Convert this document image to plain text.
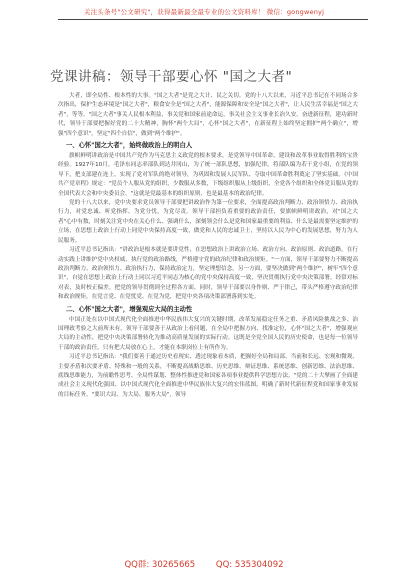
关注头条号"公文研究"，获得最新最全最专业的公文资料库！ 微信：gongwenyj
党课讲稿：领导干部要心怀 "国之大者"

大者，即全局性、根本性的大事。"国之大者"是党之大计、民之关切。党的十八大以来，习近平总书记在不同场合多次指出，保护生态环境是"国之大者"，粮食安全是"国之大者"，能源保障和安全是"国之大者"，让人民生活幸福是"国之大者"，等等。"国之大者"事关人民根本利益，事关党和国家前途命运，事关社会主义事业长治久安。奋进新征程，建功新时代，领导干部要把握好党的二十大精神，胸怀"两个大局"，心怀"国之大者"，在新征程上始终坚定拥护"两个确立"，增强"四个意识"，坚定"四个自信"，做到"两个维护"。

一、心怀"国之大者"，始终做政治上的明白人

旗帜鲜明讲政治是中国共产党作为马克思主义政党的根本要求，是党领导中国革命、建设和改革事业取得胜利的宝贵经验。1927年10月，毛泽东同志率部队到达井冈山，为了统一部队思想，加强纪律，将部队编为若干党小组，在党的领导下，把支部建在连上，实现了党对军队的绝对领导，为巩固和发展人民军队、夺取中国革命胜利奠定了坚实基础。《中国共产党章程》规定："党员个人服从党的组织，少数服从多数，下级组织服从上级组织，全党各个组织和全体党员服从党的全国代表大会和中央委员会。"这就是党最基本的组织原则，也是最基本的政治纪律。

党的十八大以来，党中央要求党员领导干部要把讲政治作为第一位要求，全面提高政治判断力、政治领悟力、政治执行力，对党忠诚、听党指挥、为党分忧，为党尽责。领导干部担负着重要的政治责任，要旗帜鲜明讲政治，对"国之大者"心中有数，时刻关注党中央在关心什么、强调什么，深刻领会什么是党和国家最重要的利益、什么是最需要坚定维护的立场，在思想上政治上行动上同党中央保持高度一致，做党和人民的忠诚卫士，坚持以人民为中心的发展思想，努力为人民服务。

习近平总书记指出："讲政治是根本就是要讲党性，在思想政治上讲政治立场、政治方向、政治原则、政治道路，在行动实践上讲维护党中央权威、执行党的政治路线，严格遵守党的政治纪律和政治规矩。"一方面，领导干部要努力不断提高政治判断力、政治领悟力、政治执行力，保持政治定力，坚定理想信念。另一方面，要坚决做到"两个维护"，树牢"四个意识"，自觉在思想上政治上行动上同以习近平同志为核心的党中央保持高度一致，坚决贯彻执行党中央决策部署，经常对标对表，及时校正偏差，把党的领导贯彻到全过程各方面。同时，领导干部要以身作则、严于律己，带头严格遵守政治纪律和政治规矩，在党言党、在党忧党、在党为党，把党中央各项决策部署落到实处。

二、心怀"国之大者"，增强观应大局的主动性

中国正处在以中国式现代化全面推进中华民族伟大复兴的关键时期，改革发展稳定任务之重、矛盾风险挑战之多、治国理政考验之大前所未有。领导干部要善于从政治上看问题，在全局中把握方向、找准定位，心怀"国之大者"，增强观应大局的主动性，把党中央决策部署转化为推动高质量发展的实际行动。这既是全党全国人民的历史使命，也是每一位领导干部的政治责任，只有把大局放在心上，才能在本职岗位上有所作为。

习近平总书记指出："我们要善于通过历史看现实、透过现象看本质，把握好全局和局部、当前和长远、宏观和微观、主要矛盾和次要矛盾、特殊和一般的关系，不断提高战略思维、历史思维、辩证思维、系统思维、创新思维、法治思维、底线思维能力，为前瞻性思考、全局性谋划、整体性推进党和国家各项事业提供科学思想方法。"党的二十大擘画了全面建成社会主义现代化强国、以中国式现代化全面推进中华民族伟大复兴的宏伟蓝图，明确了新时代新征程党和国家事业发展的目标任务。"要识大局、为大局、服务大局"，领导

QQ群: 30265665 QQ: 535304092
